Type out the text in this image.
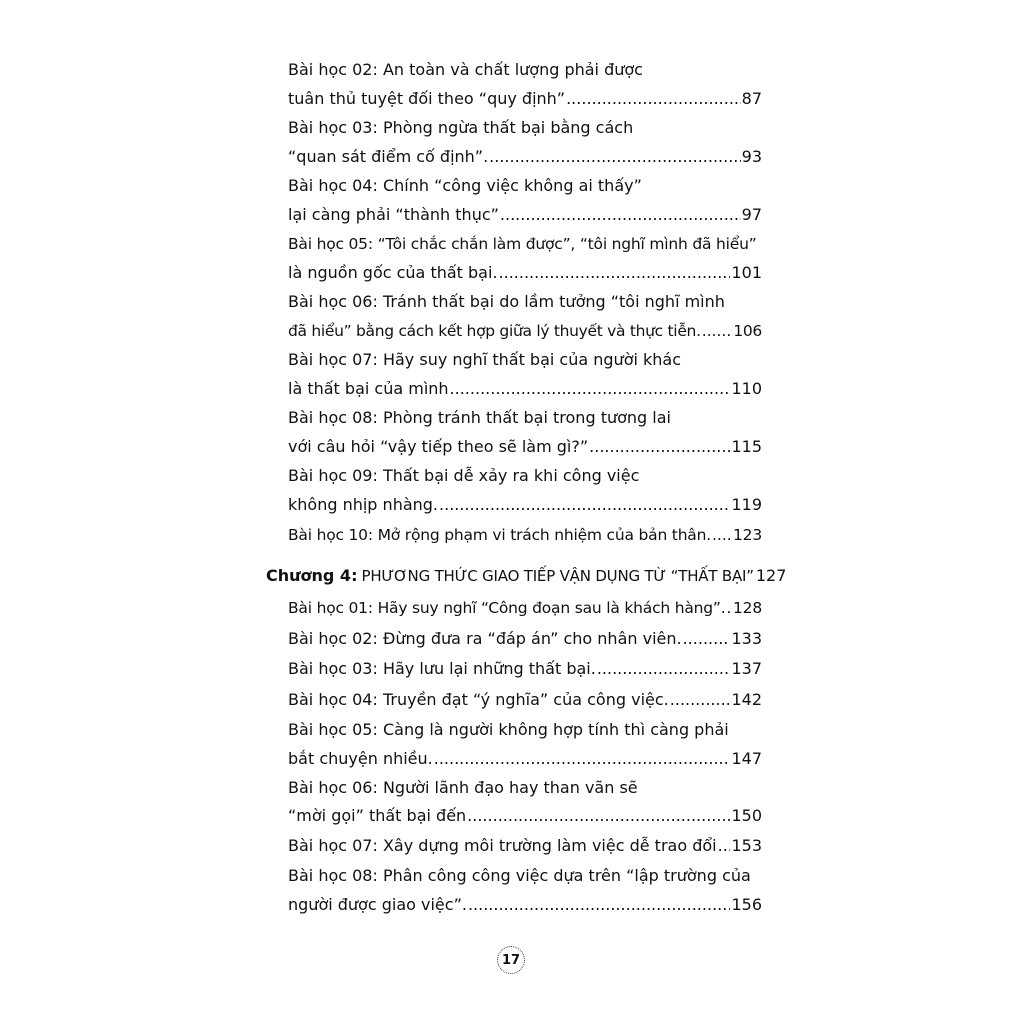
Bài học 02: An toàn và chất lượng phải được
tuân thủ tuyệt đối theo “quy định” .....	87
Bài học 03: Phòng ngừa thất bại bằng cách
“quan sát điểm cố định”. .....	93
Bài học 04: Chính “công việc không ai thấy”
lại càng phải “thành thục” .....	97
Bài học 05: “Tôi chắc chắn làm được”, “tôi nghĩ mình đã hiểu”
là nguồn gốc của thất bại. .....	101
Bài học 06: Tránh thất bại do lầm tưởng “tôi nghĩ mình
đã hiểu” bằng cách kết hợp giữa lý thuyết và thực tiễn. ..... 106
Bài học 07: Hãy suy nghĩ thất bại của người khác
là thất bại của mình .....	110
Bài học 08: Phòng tránh thất bại trong tương lai
với câu hỏi “vậy tiếp theo sẽ làm gì?” .....	115
Bài học 09: Thất bại dễ xảy ra khi công việc
không nhịp nhàng. .....	119
Bài học 10: Mở rộng phạm vi trách nhiệm của bản thân. ..... 123
Chương 4: PHƯƠNG THỨC GIAO TIẾP VẬN DỤNG TỪ “THẤT BẠI” 127
Bài học 01: Hãy suy nghĩ “Công đoạn sau là khách hàng”. ..... 128
Bài học 02: Đừng đưa ra “đáp án” cho nhân viên. .....	133
Bài học 03: Hãy lưu lại những thất bại. .....	137
Bài học 04: Truyền đạt “ý nghĩa” của công việc. .....	142
Bài học 05: Càng là người không hợp tính thì càng phải
bắt chuyện nhiều. .....	147
Bài học 06: Người lãnh đạo hay than vãn sẽ
“mời gọi” thất bại đến .....	150
Bài học 07: Xây dựng môi trường làm việc dễ trao đổi ..... 153
Bài học 08: Phân công công việc dựa trên “lập trường của
người được giao việc”. .....	156
17
